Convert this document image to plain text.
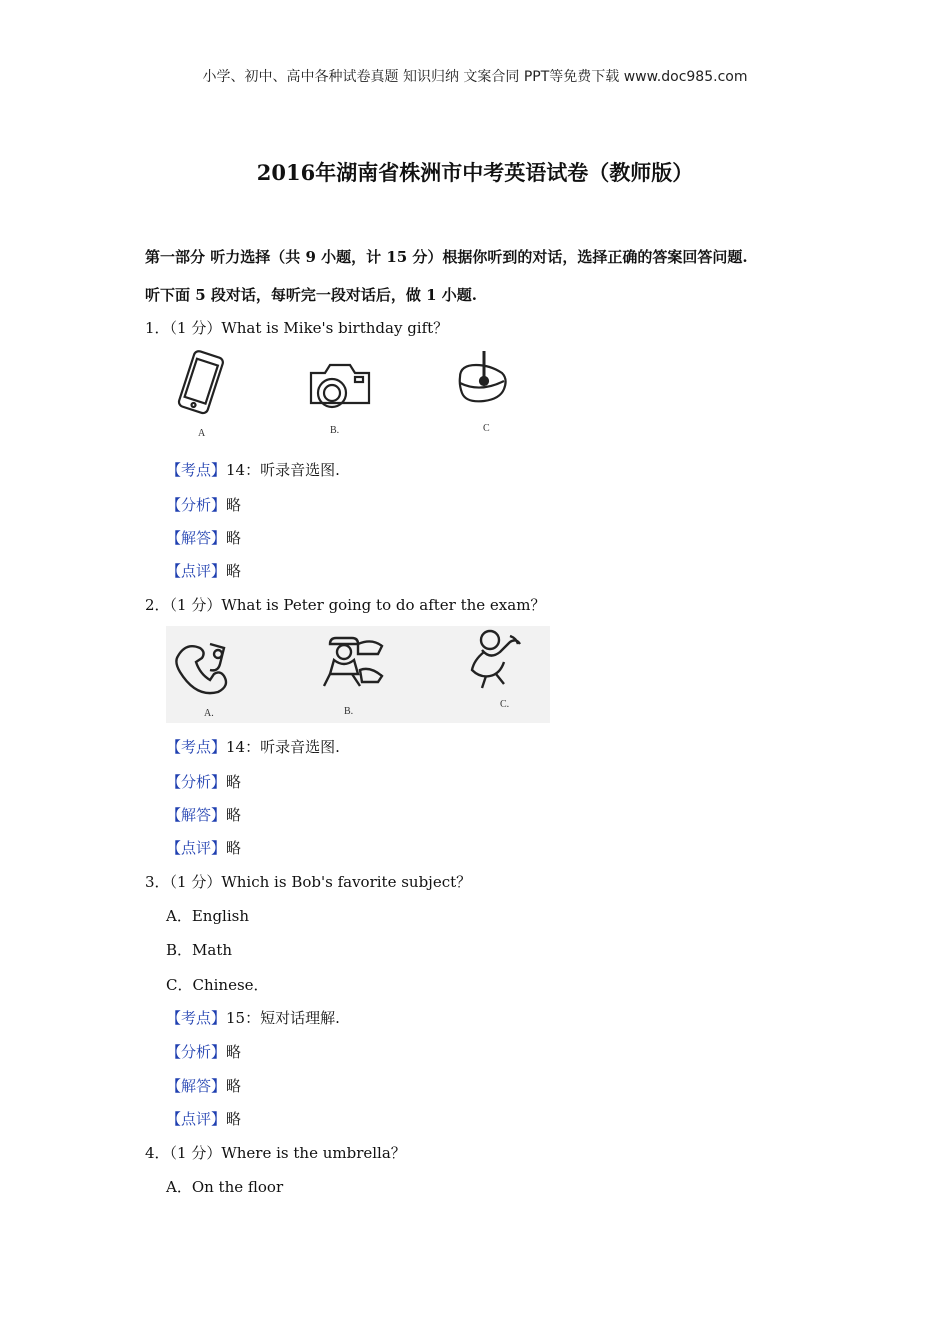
小学、初中、高中各种试卷真题 知识归纳 文案合同 PPT等免费下载 www.doc985.com
2016年湖南省株洲市中考英语试卷（教师版）
第一部分 听力选择（共 9 小题，计 15 分）根据你听到的对话，选择正确的答案回答问题.
听下面 5 段对话，每听完一段对话后，做 1 小题.
1．（1 分）What is Mike's birthday gift？
A	B.	C
【考点】14：听录音选图.
【分析】略
【解答】略
【点评】略
2．（1 分）What is Peter going to do after the exam？
A.	B.
C.
【考点】14：听录音选图.
【分析】略
【解答】略
【点评】略
3．（1 分）Which is Bob's favorite subject？
A．English
B．Math
C．Chinese．
【考点】15：短对话理解.
【分析】略
【解答】略
【点评】略
4．（1 分）Where is the umbrella？
A．On the floor
